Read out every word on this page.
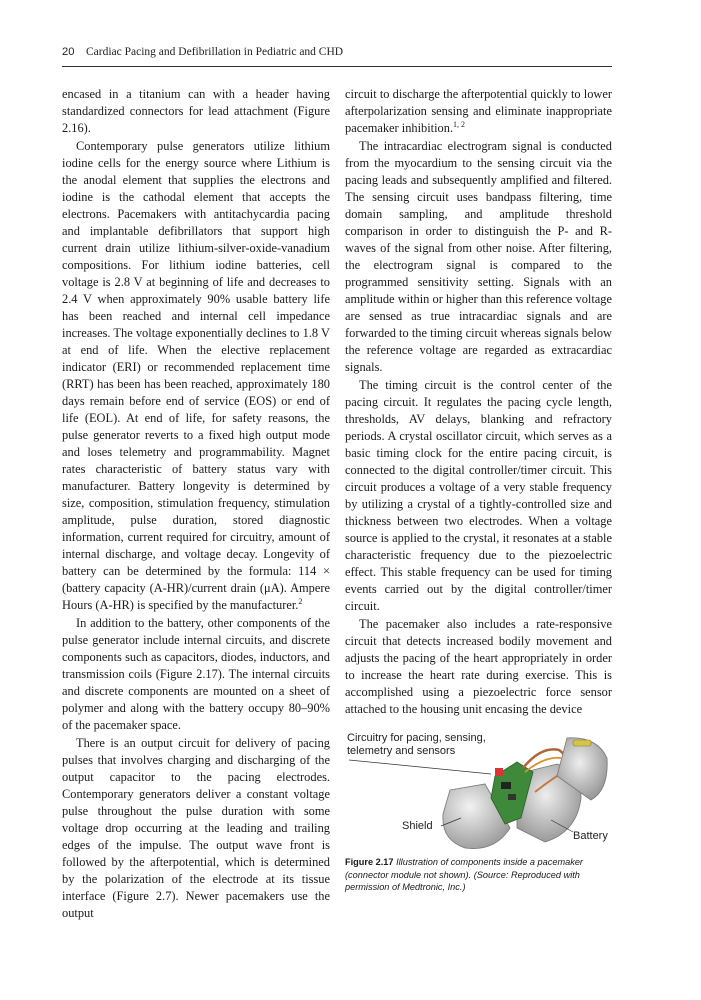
20 Cardiac Pacing and Defibrillation in Pediatric and CHD

encased in a titanium can with a header having standardized connectors for lead attachment (Figure 2.16).

Contemporary pulse generators utilize lithium iodine cells for the energy source where Lithium is the anodal element that supplies the electrons and iodine is the cathodal element that accepts the electrons. Pacemakers with antitachycardia pacing and implantable defibrillators that support high current drain utilize lithium-silver-oxide-vanadium compositions. For lithium iodine batteries, cell voltage is 2.8 V at beginning of life and decreases to 2.4 V when approximately 90% usable battery life has been reached and internal cell impedance increases. The voltage exponentially declines to 1.8 V at end of life. When the elective replacement indicator (ERI) or recommended replacement time (RRT) has been has been reached, approximately 180 days remain before end of service (EOS) or end of life (EOL). At end of life, for safety reasons, the pulse generator reverts to a fixed high output mode and loses telemetry and programmability. Magnet rates characteristic of battery status vary with manufacturer. Battery longevity is determined by size, composition, stimulation frequency, stimulation amplitude, pulse duration, stored diagnostic information, current required for circuitry, amount of internal discharge, and voltage decay. Longevity of battery can be determined by the formula: 114 × (battery capacity (A-HR)/current drain (μA). Ampere Hours (A-HR) is specified by the manufacturer.$^2$

In addition to the battery, other components of the pulse generator include internal circuits, and discrete components such as capacitors, diodes, inductors, and transmission coils (Figure 2.17). The internal circuits and discrete components are mounted on a sheet of polymer and along with the battery occupy 80–90% of the pacemaker space.

There is an output circuit for delivery of pacing pulses that involves charging and discharging of the output capacitor to the pacing electrodes. Contemporary generators deliver a constant voltage pulse throughout the pulse duration with some voltage drop occurring at the leading and trailing edges of the impulse. The output wave front is followed by the afterpotential, which is determined by the polarization of the electrode at its tissue interface (Figure 2.7). Newer pacemakers use the output

circuit to discharge the afterpotential quickly to lower afterpolarization sensing and eliminate inappropriate pacemaker inhibition.$^{1, 2}$

The intracardiac electrogram signal is conducted from the myocardium to the sensing circuit via the pacing leads and subsequently amplified and filtered. The sensing circuit uses bandpass filtering, time domain sampling, and amplitude threshold comparison in order to distinguish the P- and R-waves of the signal from other noise. After filtering, the electrogram signal is compared to the programmed sensitivity setting. Signals with an amplitude within or higher than this reference voltage are sensed as true intracardiac signals and are forwarded to the timing circuit whereas signals below the reference voltage are regarded as extracardiac signals.

The timing circuit is the control center of the pacing circuit. It regulates the pacing cycle length, thresholds, AV delays, blanking and refractory periods. A crystal oscillator circuit, which serves as a basic timing clock for the entire pacing circuit, is connected to the digital controller/timer circuit. This circuit produces a voltage of a very stable frequency by utilizing a crystal of a tightly-controlled size and thickness between two electrodes. When a voltage source is applied to the crystal, it resonates at a stable characteristic frequency due to the piezoelectric effect. This stable frequency can be used for timing events carried out by the digital controller/timer circuit.

The pacemaker also includes a rate-responsive circuit that detects increased bodily movement and adjusts the pacing of the heart appropriately in order to increase the heart rate during exercise. This is accomplished using a piezoelectric force sensor attached to the housing unit encasing the device

Circuitry for pacing, sensing, telemetry and sensors
Shield
Battery
Figure 2.17 Illustration of components inside a pacemaker (connector module not shown). (Source: Reproduced with permission of Medtronic, Inc.)
